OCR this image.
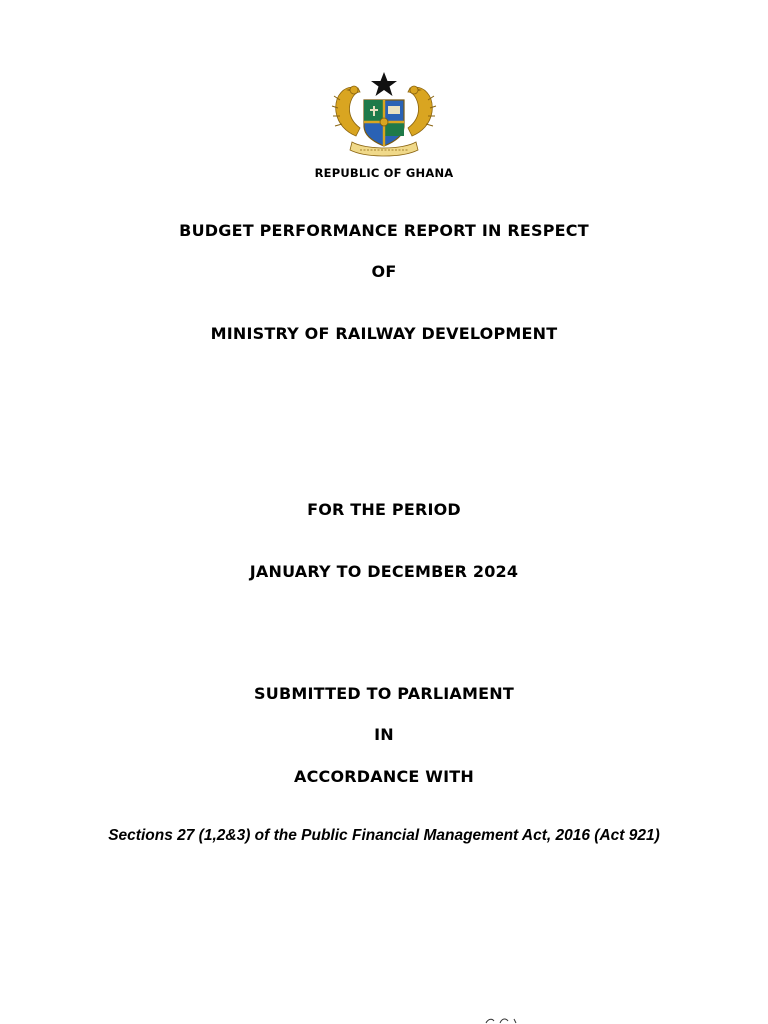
REPUBLIC OF GHANA
BUDGET PERFORMANCE REPORT IN RESPECT
OF
MINISTRY OF RAILWAY DEVELOPMENT
FOR THE PERIOD
JANUARY TO DECEMBER 2024
SUBMITTED TO PARLIAMENT
IN
ACCORDANCE WITH
Sections 27 (1,2&3) of the Public Financial Management Act, 2016 (Act 921)
